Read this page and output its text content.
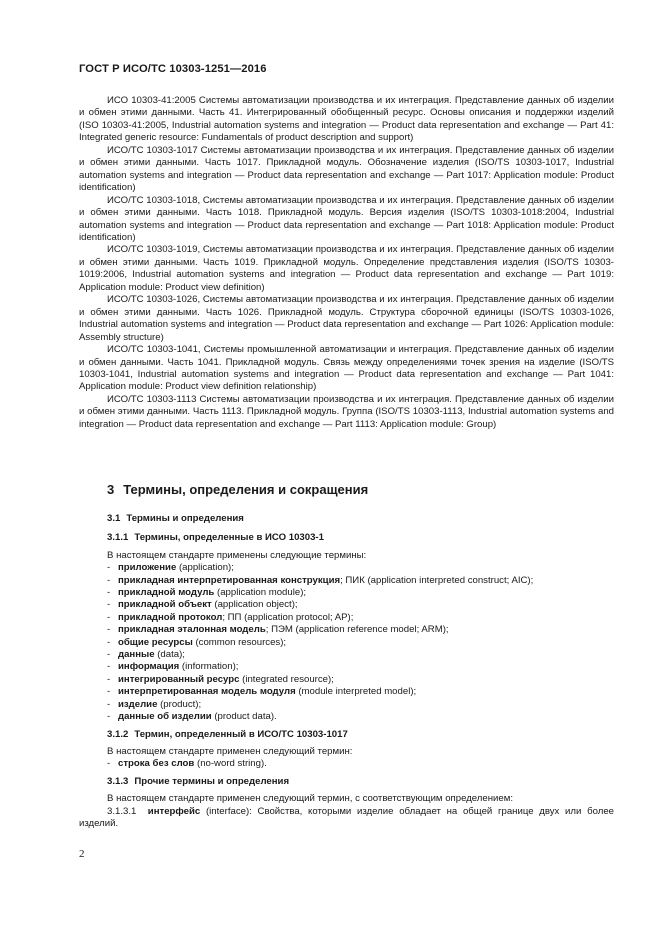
ГОСТ Р ИСО/ТС 10303-1251—2016

ИСО 10303-41:2005 Системы автоматизации производства и их интеграция. Представление данных об изделии и обмен этими данными. Часть 41. Интегрированный обобщенный ресурс. Основы описания и поддержки изделий (ISO 10303-41:2005, Industrial automation systems and integration — Product data representation and exchange — Part 41: Integrated generic resource: Fundamentals of product description and support)

ИСО/ТС 10303-1017 Системы автоматизации производства и их интеграция. Представление данных об изделии и обмен этими данными. Часть 1017. Прикладной модуль. Обозначение изделия (ISO/TS 10303-1017, Industrial automation systems and integration — Product data representation and exchange — Part 1017: Application module: Product identification)

ИСО/ТС 10303-1018, Системы автоматизации производства и их интеграция. Представление данных об изделии и обмен этими данными. Часть 1018. Прикладной модуль. Версия изделия (ISO/TS 10303-1018:2004, Industrial automation systems and integration — Product data representation and exchange — Part 1018: Application module: Product identification)

ИСО/ТС 10303-1019, Системы автоматизации производства и их интеграция. Представление данных об изделии и обмен этими данными. Часть 1019. Прикладной модуль. Определение представления изделия (ISO/TS 10303-1019:2006, Industrial automation systems and integration — Product data representation and exchange — Part 1019: Application module: Product view definition)

ИСО/ТС 10303-1026, Системы автоматизации производства и их интеграция. Представление данных об изделии и обмен этими данными. Часть 1026. Прикладной модуль. Структура сборочной единицы (ISO/TS 10303-1026, Industrial automation systems and integration — Product data representation and exchange — Part 1026: Application module: Assembly structure)

ИСО/ТС 10303-1041, Системы промышленной автоматизации и интеграция. Представление данных об изделии и обмен данными. Часть 1041. Прикладной модуль. Связь между определениями точек зрения на изделие (ISO/TS 10303-1041, Industrial automation systems and integration — Product data representation and exchange — Part 1041: Application module: Product view definition relationship)

ИСО/ТС 10303-1113 Системы автоматизации производства и их интеграция. Представление данных об изделии и обмен этими данными. Часть 1113. Прикладной модуль. Группа (ISO/TS 10303-1113, Industrial automation systems and integration — Product data representation and exchange — Part 1113: Application module: Group)

3 Термины, определения и сокращения

3.1 Термины и определения

3.1.1 Термины, определенные в ИСО 10303-1

В настоящем стандарте применены следующие термины:

- приложение (application);
- прикладная интерпретированная конструкция; ПИК (application interpreted construct; AIC);
- прикладной модуль (application module);
- прикладной объект (application object);
- прикладной протокол; ПП (application protocol; AP);
- прикладная эталонная модель; ПЭМ (application reference model; ARM);
- общие ресурсы (common resources);
- данные (data);
- информация (information);
- интегрированный ресурс (integrated resource);
- интерпретированная модель модуля (module interpreted model);
- изделие (product);
- данные об изделии (product data).

3.1.2 Термин, определенный в ИСО/ТС 10303-1017

В настоящем стандарте применен следующий термин:

- строка без слов (no-word string).

3.1.3 Прочие термины и определения

В настоящем стандарте применен следующий термин, с соответствующим определением:

3.1.3.1 интерфейс (interface): Свойства, которыми изделие обладает на общей границе двух или более изделий.

2
